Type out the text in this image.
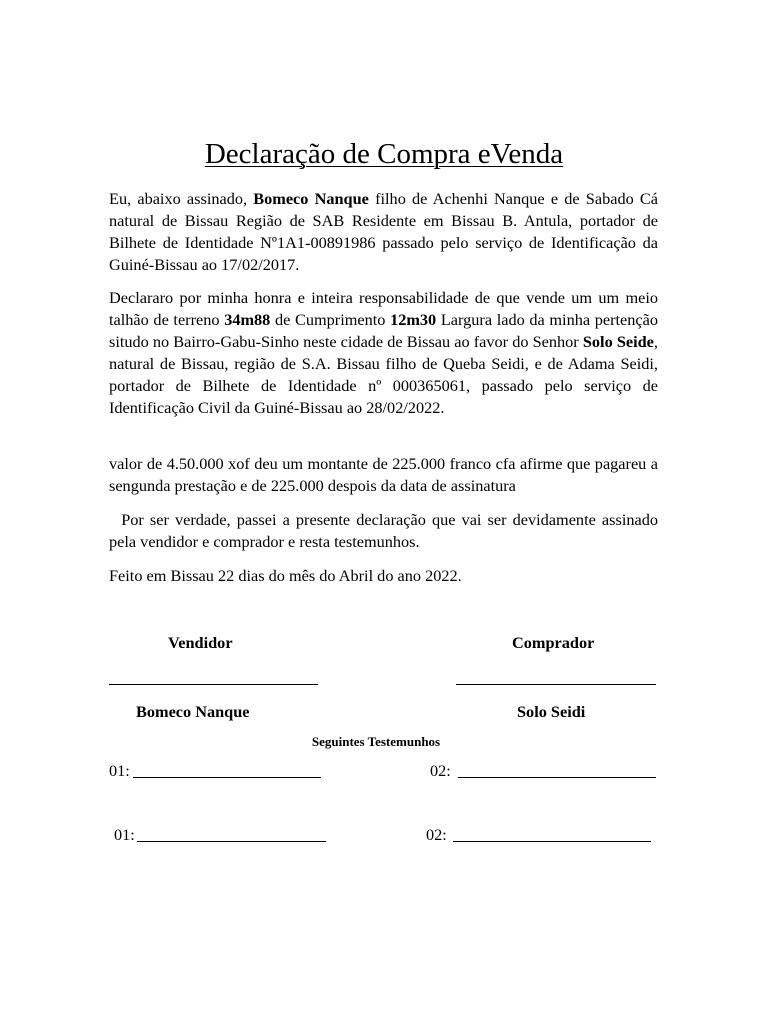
Declaração de Compra eVenda

Eu, abaixo assinado, Bomeco Nanque filho de Achenhi Nanque e de Sabado Cá natural de Bissau Região de SAB Residente em Bissau B. Antula, portador de Bilhete de Identidade Nº1A1-00891986 passado pelo serviço de Identificação da Guiné-Bissau ao 17/02/2017.

Declararo por minha honra e inteira responsabilidade de que vende um um meio talhão de terreno 34m88 de Cumprimento 12m30 Largura lado da minha pertenção situdo no Bairro-Gabu-Sinho neste cidade de Bissau ao favor do Senhor Solo Seide, natural de Bissau, região de S.A. Bissau filho de Queba Seidi, e de Adama Seidi, portador de Bilhete de Identidade nº 000365061, passado pelo serviço de Identificação Civil da Guiné-Bissau ao 28/02/2022.

valor de 4.50.000 xof deu um montante de 225.000 franco cfa afirme que pagareu a sengunda prestação e de 225.000 despois da data de assinatura

Por ser verdade, passei a presente declaração que vai ser devidamente assinado pela vendidor e comprador e resta testemunhos.

Feito em Bissau 22 dias do mês do Abril do ano 2022.

Vendidor	Comprador
Bomeco Nanque	Solo Seidi
Seguintes Testemunhos
01:	02:
01:	02:
